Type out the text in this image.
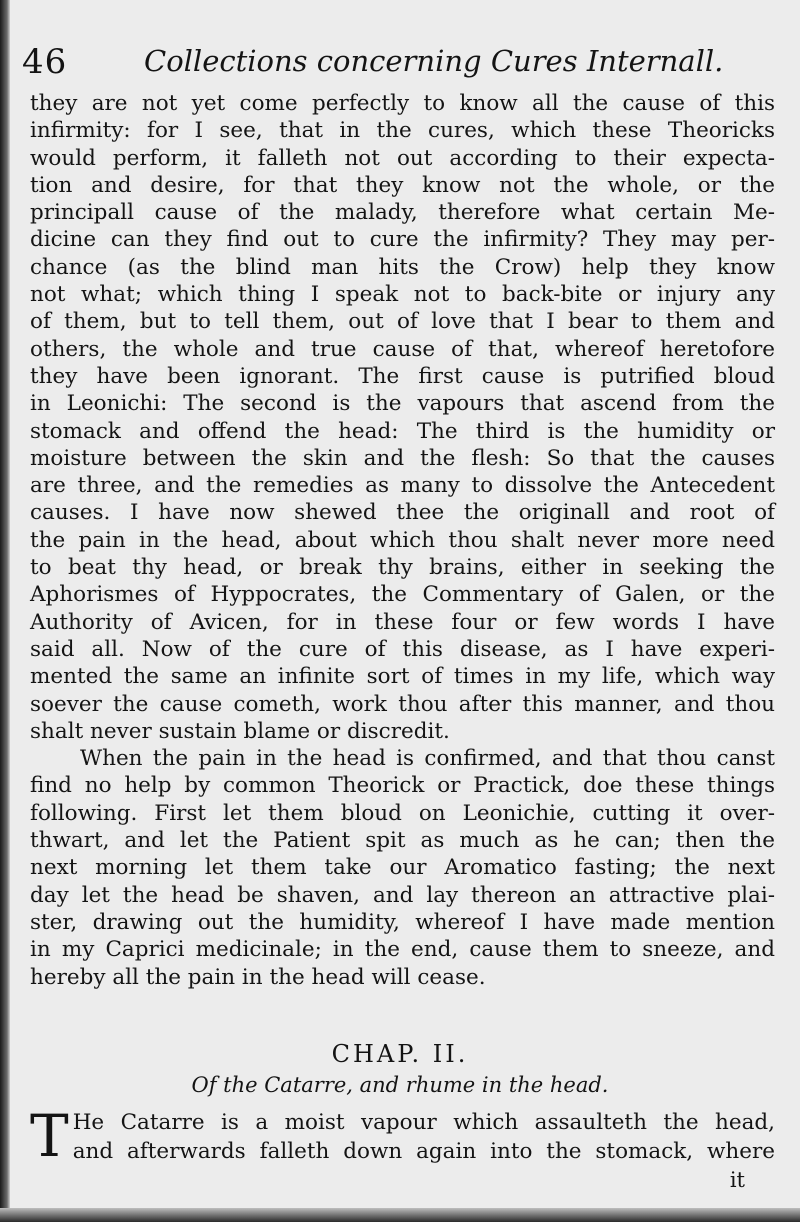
46	Collections concerning Cures Internall.
they are not yet come perfectly to know all the cause of this
infirmity: for I see, that in the cures, which these Theoricks
would perform, it falleth not out according to their expecta-
tion and desire, for that they know not the whole, or the
principall cause of the malady, therefore what certain Me-
dicine can they find out to cure the infirmity? They may per-
chance (as the blind man hits the Crow) help they know
not what; which thing I speak not to back-bite or injury any
of them, but to tell them, out of love that I bear to them and
others, the whole and true cause of that, whereof heretofore
they have been ignorant. The first cause is putrified bloud
in Leonichi: The second is the vapours that ascend from the
stomack and offend the head: The third is the humidity or
moisture between the skin and the flesh: So that the causes
are three, and the remedies as many to dissolve the Antecedent
causes. I have now shewed thee the originall and root of
the pain in the head, about which thou shalt never more need
to beat thy head, or break thy brains, either in seeking the
Aphorismes of Hyppocrates, the Commentary of Galen, or the
Authority of Avicen, for in these four or few words I have
said all. Now of the cure of this disease, as I have experi-
mented the same an infinite sort of times in my life, which way
soever the cause cometh, work thou after this manner, and thou
shalt never sustain blame or discredit.
When the pain in the head is confirmed, and that thou canst
find no help by common Theorick or Practick, doe these things
following. First let them bloud on Leonichie, cutting it over-
thwart, and let the Patient spit as much as he can; then the
next morning let them take our Aromatico fasting; the next
day let the head be shaven, and lay thereon an attractive plai-
ster, drawing out the humidity, whereof I have made mention
in my Caprici medicinale; in the end, cause them to sneeze, and
hereby all the pain in the head will cease.
CHAP. II.
Of the Catarre, and rhume in the head.
T He Catarre is a moist vapour which assaulteth the head,
and afterwards falleth down again into the stomack, where
it
